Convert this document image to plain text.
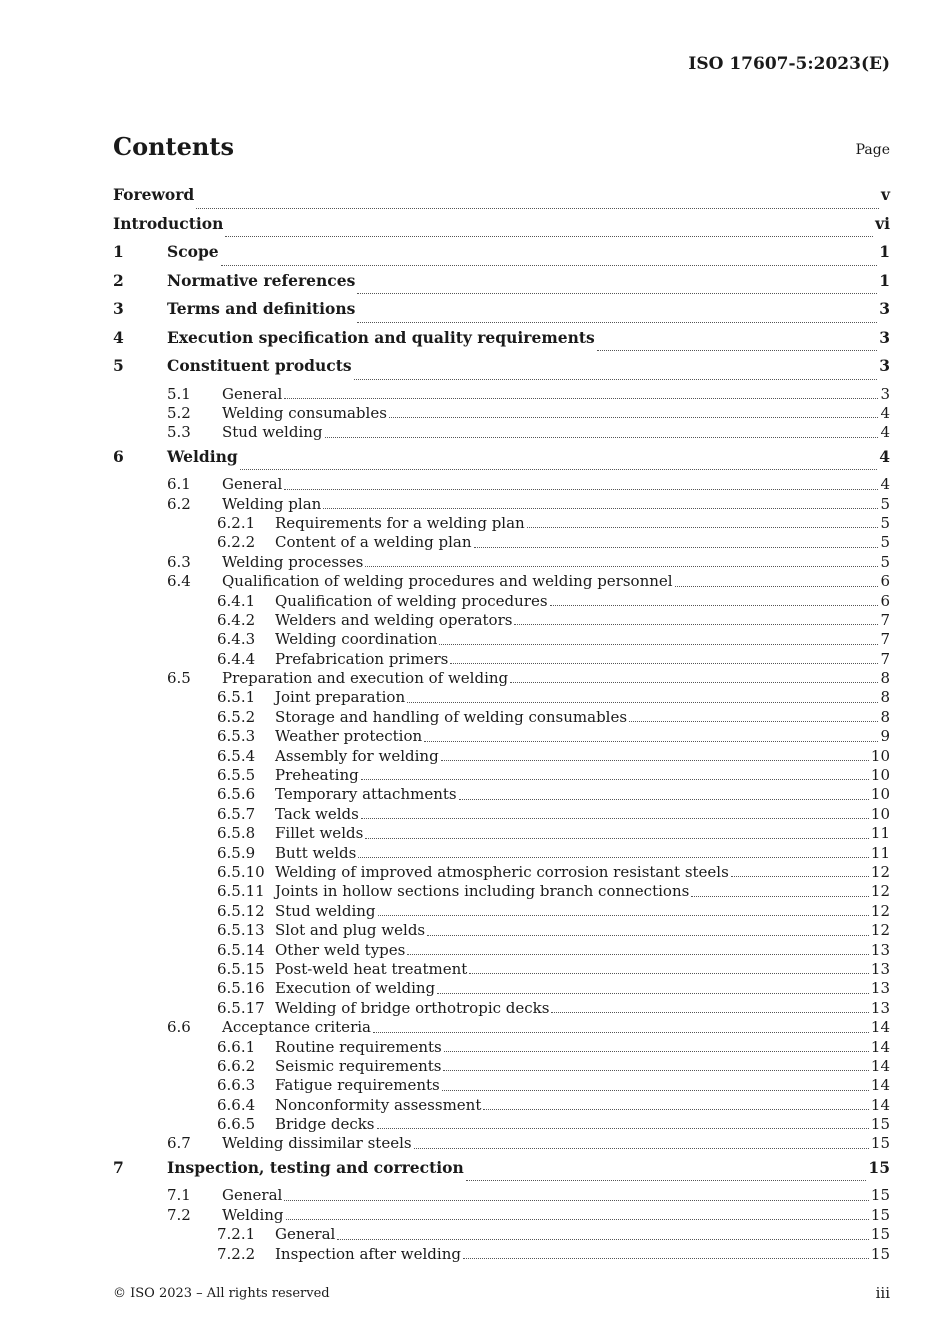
ISO 17607-5:2023(E)
Contents	Page
Foreword	v
Introduction	vi
1	Scope	1
2	Normative references	1
3	Terms and definitions	3
4	Execution specification and quality requirements	3
5	Constituent products	3
5.1	General	3
5.2	Welding consumables	4
5.3	Stud welding	4
6	Welding	4
6.1	General	4
6.2	Welding plan	5
6.2.1	Requirements for a welding plan	5
6.2.2	Content of a welding plan	5
6.3	Welding processes	5
6.4	Qualification of welding procedures and welding personnel	6
6.4.1	Qualification of welding procedures	6
6.4.2	Welders and welding operators	7
6.4.3	Welding coordination	7
6.4.4	Prefabrication primers	7
6.5	Preparation and execution of welding	8
6.5.1	Joint preparation	8
6.5.2	Storage and handling of welding consumables	8
6.5.3	Weather protection	9
6.5.4	Assembly for welding	10
6.5.5	Preheating	10
6.5.6	Temporary attachments	10
6.5.7	Tack welds	10
6.5.8	Fillet welds	11
6.5.9	Butt welds	11
6.5.10 Welding of improved atmospheric corrosion resistant steels	12
6.5.11 Joints in hollow sections including branch connections	12
6.5.12 Stud welding	12
6.5.13 Slot and plug welds	12
6.5.14 Other weld types	13
6.5.15 Post-weld heat treatment	13
6.5.16 Execution of welding	13
6.5.17 Welding of bridge orthotropic decks	13
6.6	Acceptance criteria	14
6.6.1	Routine requirements	14
6.6.2	Seismic requirements	14
6.6.3	Fatigue requirements	14
6.6.4	Nonconformity assessment	14
6.6.5	Bridge decks	15
6.7	Welding dissimilar steels	15
7	Inspection, testing and correction	15
7.1	General	15
7.2	Welding	15
7.2.1	General	15
7.2.2	Inspection after welding	15
© ISO 2023 – All rights reserved	iii
